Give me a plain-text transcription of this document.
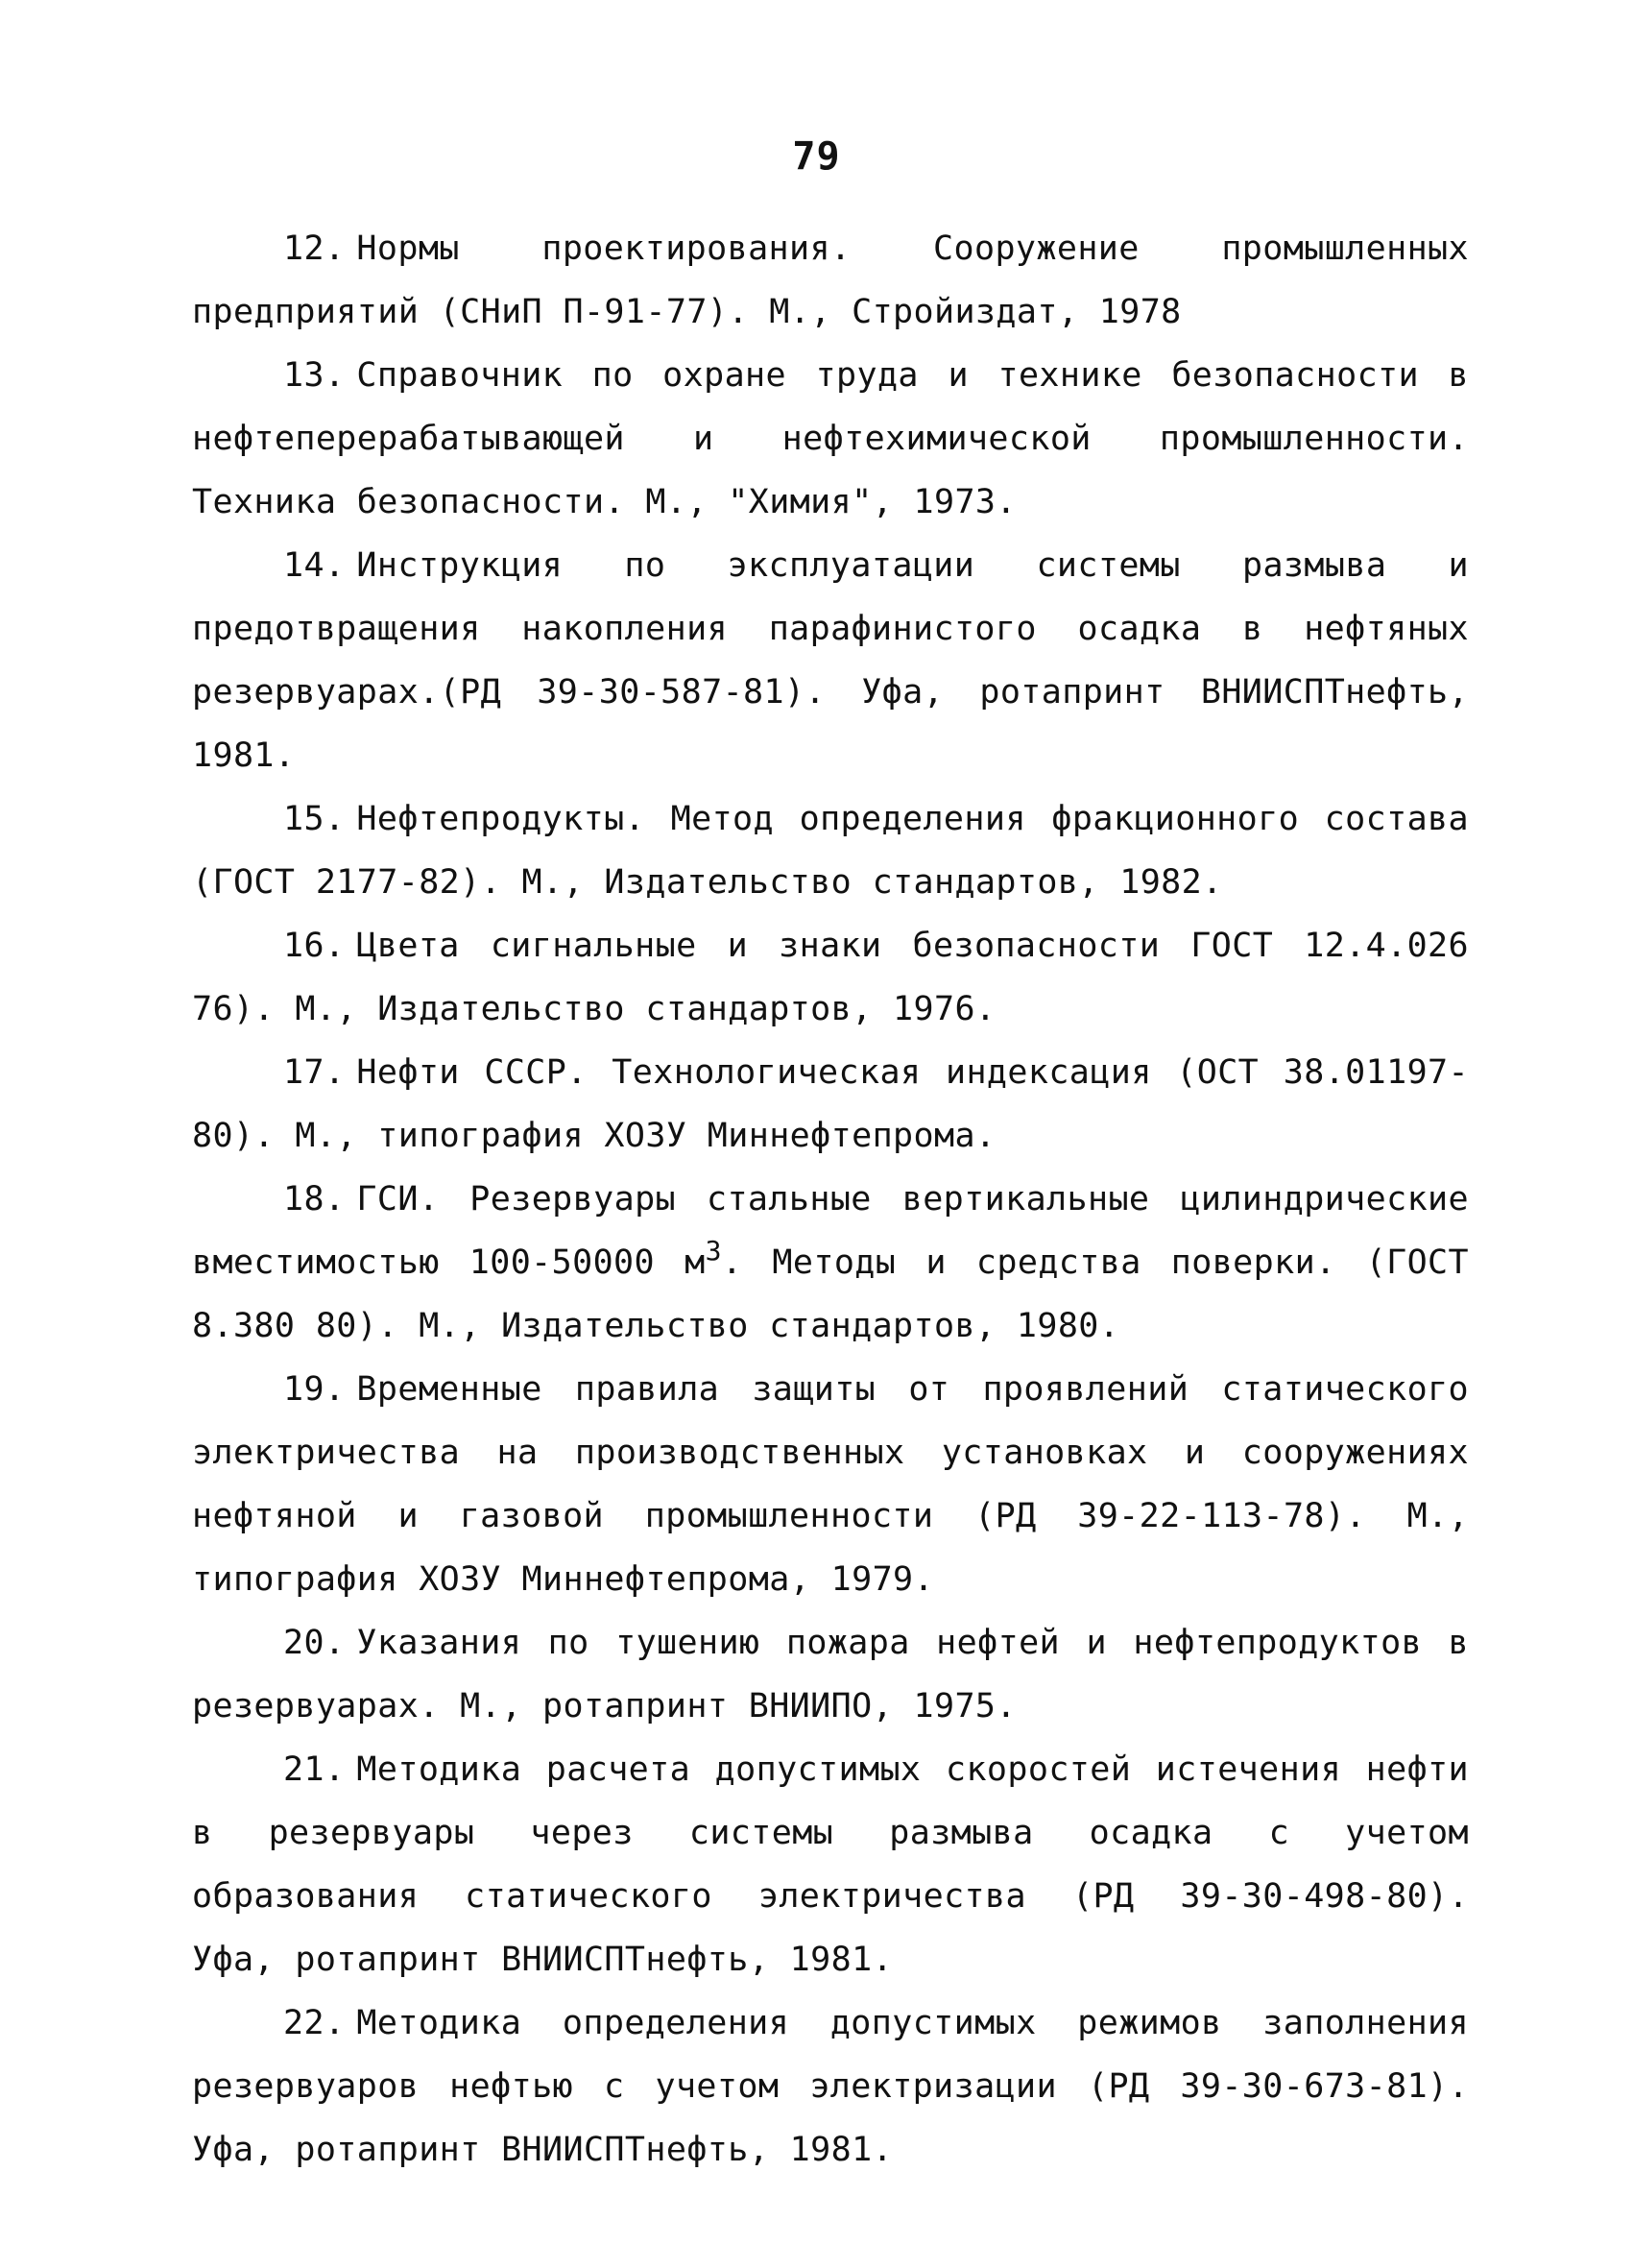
79

12. Нормы проектирования. Сооружение промышленных предприятий (СНиП П-91-77). М., Стройиздат, 1978

13. Справочник по охране труда и технике безопасности в нефтеперерабатывающей и нефтехимической промышленности. Техника безопасности. М., "Химия", 1973.

14. Инструкция по эксплуатации системы размыва и предотвращения накопления парафинистого осадка в нефтяных резервуарах.(РД 39-30-587-81). Уфа, ротапринт ВНИИСПТнефть, 1981.

15. Нефтепродукты. Метод определения фракционного состава (ГОСТ 2177-82). М., Издательство стандартов, 1982.

16. Цвета сигнальные и знаки безопасности ГОСТ 12.4.026 76). М., Издательство стандартов, 1976.

17. Нефти СССР. Технологическая индексация (ОСТ 38.01197-80). М., типография ХОЗУ Миннефтепрома.

18. ГСИ. Резервуары стальные вертикальные цилиндрические вместимостью 100-50000 $м^3$. Методы и средства поверки. (ГОСТ 8.380 80). М., Издательство стандартов, 1980.

19. Временные правила защиты от проявлений статического электричества на производственных установках и сооружениях нефтяной и газовой промышленности (РД 39-22-113-78). М., типография ХОЗУ Миннефтепрома, 1979.

20. Указания по тушению пожара нефтей и нефтепродуктов в резервуарах. М., ротапринт ВНИИПО, 1975.

21. Методика расчета допустимых скоростей истечения нефти в резервуары через системы размыва осадка с учетом образования статического электричества (РД 39-30-498-80). Уфа, ротапринт ВНИИСПТнефть, 1981.

22. Методика определения допустимых режимов заполнения резервуаров нефтью с учетом электризации (РД 39-30-673-81). Уфа, ротапринт ВНИИСПТнефть, 1981.
